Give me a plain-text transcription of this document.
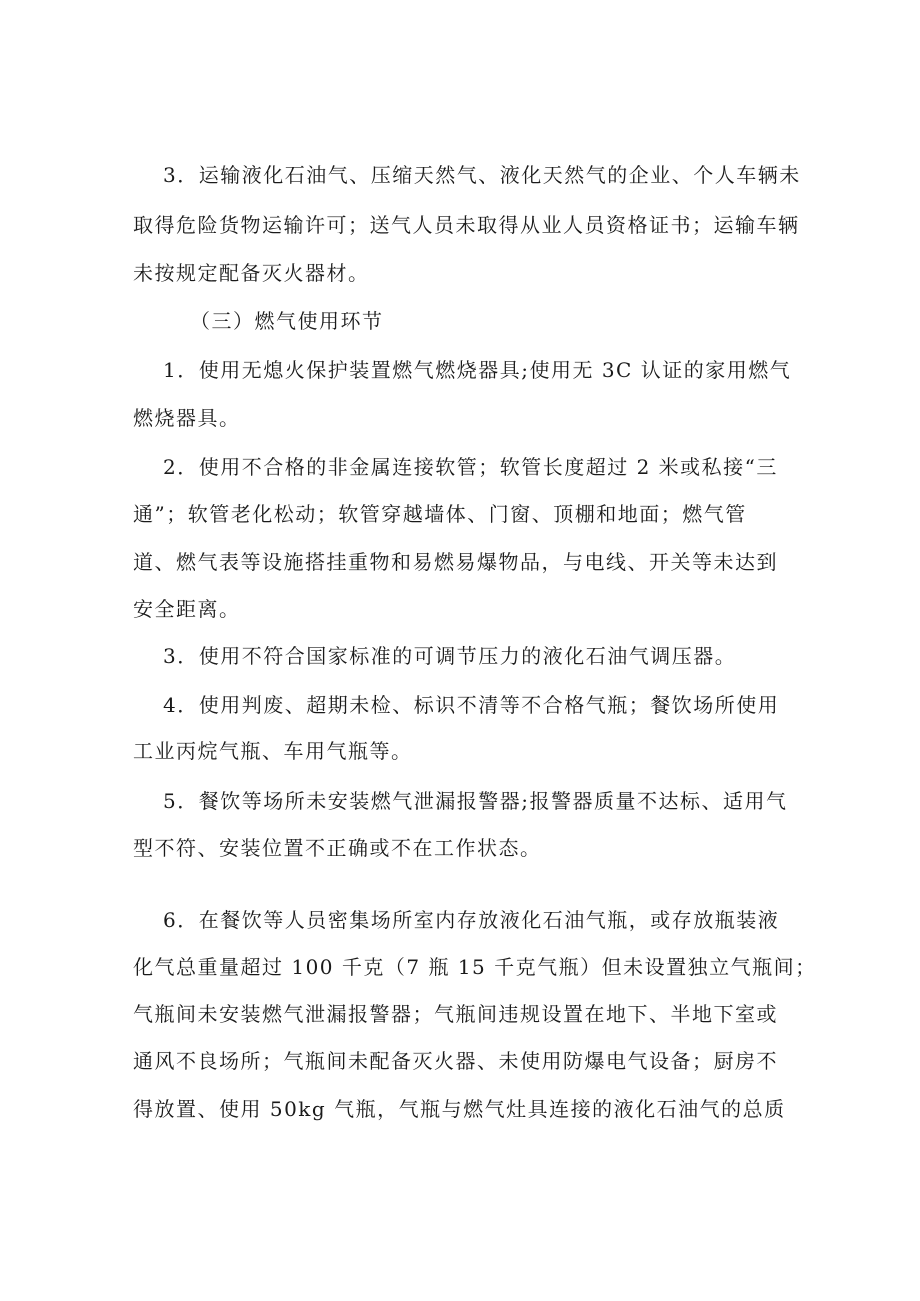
3．运输液化石油气、压缩天然气、液化天然气的企业、个人车辆未
取得危险货物运输许可；送气人员未取得从业人员资格证书；运输车辆
未按规定配备灭火器材。
（三）燃气使用环节
1．使用无熄火保护装置燃气燃烧器具;使用无 3C 认证的家用燃气
燃烧器具。
2．使用不合格的非金属连接软管；软管长度超过 2 米或私接“三
通”；软管老化松动；软管穿越墙体、门窗、顶棚和地面；燃气管
道、燃气表等设施搭挂重物和易燃易爆物品，与电线、开关等未达到
安全距离。
3．使用不符合国家标准的可调节压力的液化石油气调压器。
4．使用判废、超期未检、标识不清等不合格气瓶；餐饮场所使用
工业丙烷气瓶、车用气瓶等。
5．餐饮等场所未安装燃气泄漏报警器;报警器质量不达标、适用气
型不符、安装位置不正确或不在工作状态。
6．在餐饮等人员密集场所室内存放液化石油气瓶，或存放瓶装液
化气总重量超过 100 千克（7 瓶 15 千克气瓶）但未设置独立气瓶间；
气瓶间未安装燃气泄漏报警器；气瓶间违规设置在地下、半地下室或
通风不良场所；气瓶间未配备灭火器、未使用防爆电气设备；厨房不
得放置、使用 50kg 气瓶，气瓶与燃气灶具连接的液化石油气的总质
